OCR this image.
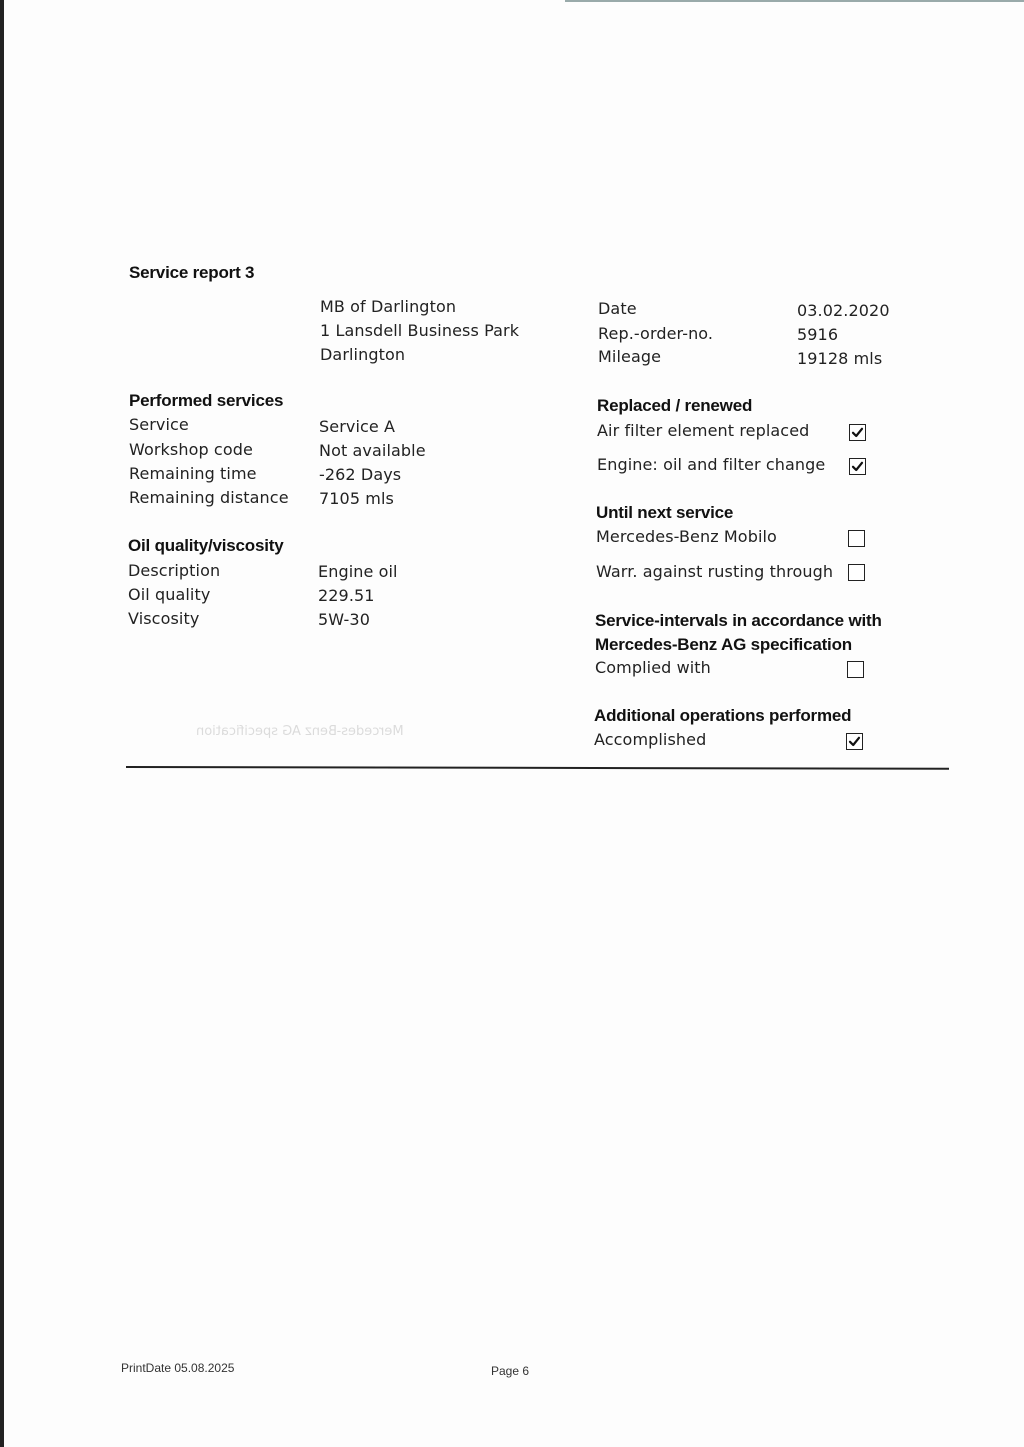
Service report 3
MB of Darlington
1 Lansdell Business Park
Darlington
Date	03.02.2020
Rep.-order-no.	5916
Mileage	19128 mls
Performed services
Service	Service A
Workshop code	Not available
Remaining time	-262 Days
Remaining distance 7105 mls
Oil quality/viscosity
Description	Engine oil
Oil quality	229.51
Viscosity	5W-30
Replaced / renewed
Air filter element replaced
Engine: oil and filter change
Until next service
Mercedes-Benz Mobilo
Warr. against rusting through
Service-intervals in accordance with
Mercedes-Benz AG specification
Complied with
Additional operations performed
Accomplished
Mercedes-Benz AG specification
PrintDate 05.08.2025	Page 6
